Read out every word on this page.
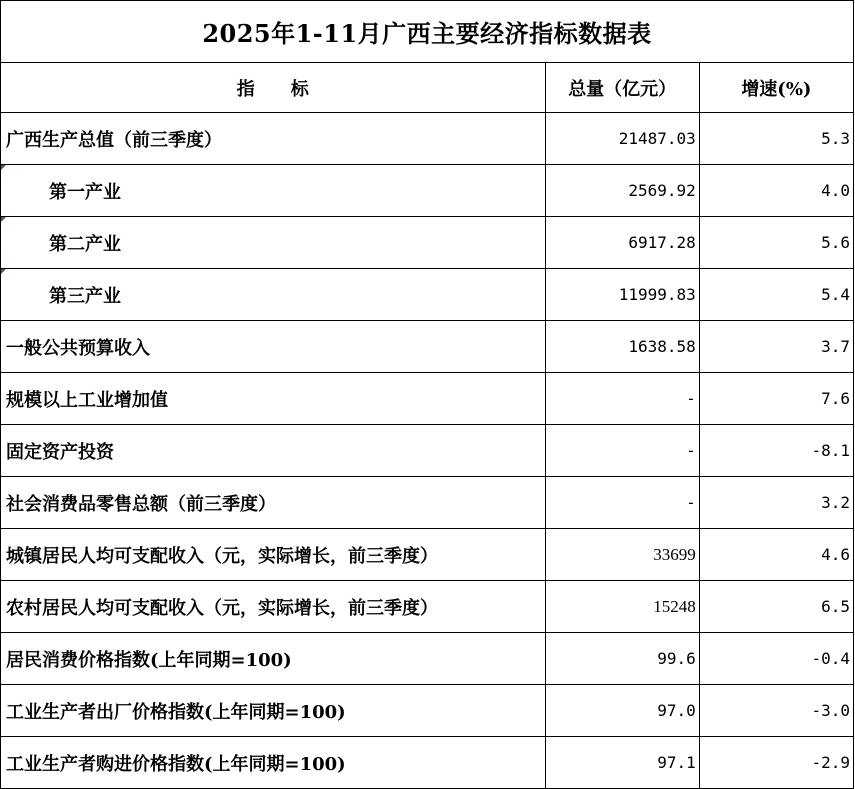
2025年1-11月广西主要经济指标数据表		
指　　标	总量（亿元）	增速(%)
广西生产总值（前三季度）	21487.03	5.3
第一产业	2569.92	4.0
第二产业	6917.28	5.6
第三产业	11999.83	5.4
一般公共预算收入	1638.58	3.7
规模以上工业增加值	-	7.6
固定资产投资	-	-8.1
社会消费品零售总额（前三季度）	-	3.2
城镇居民人均可支配收入（元，实际增长，前三季度）	33699	4.6
农村居民人均可支配收入（元，实际增长，前三季度）	15248	6.5
居民消费价格指数(上年同期=100)	99.6	-0.4
工业生产者出厂价格指数(上年同期=100)	97.0	-3.0
工业生产者购进价格指数(上年同期=100)	97.1	-2.9
